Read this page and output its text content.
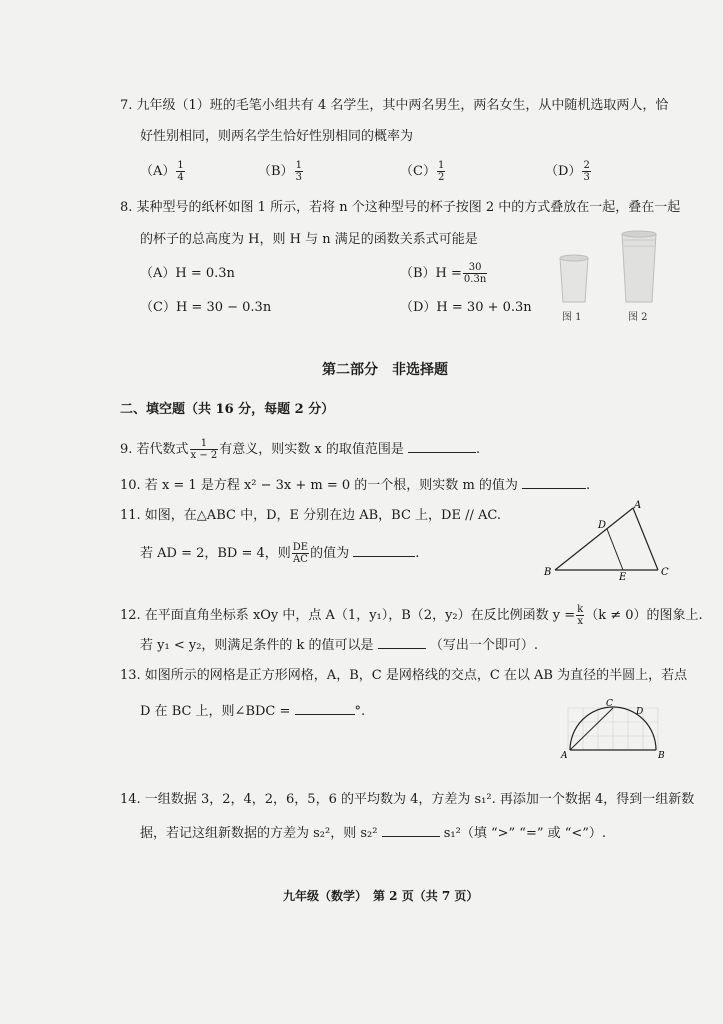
7. 九年级（1）班的毛笔小组共有 4 名学生，其中两名男生，两名女生，从中随机选取两人，恰
好性别相同，则两名学生恰好性别相同的概率为
$(A) \frac{1}{4}$	$(B) \frac{1}{3}$	$(C) \frac{1}{2}$	$(D) \frac{2}{3}$
8. 某种型号的纸杯如图 1 所示，若将 n 个这种型号的杯子按图 2 中的方式叠放在一起，叠在一起
的杯子的总高度为 H，则 H 与 n 满足的函数关系式可能是
（A）H = 0.3n	$(B)H = \frac{30}{0.3n}$
（C）H = 30 − 0.3n	（D）H = 30 + 0.3n
图 1	图 2
第二部分　非选择题
二、填空题（共 16 分，每题 2 分）
9. 若代数式 $\frac{1}{x - 2}$ 有意义，则实数 x 的取值范围是	.
10. 若 x = 1 是方程 x² − 3x + m = 0 的一个根，则实数 m 的值为	.
11. 如图，在△ABC 中，D，E 分别在边 AB，BC 上，DE // AC.
若 AD = 2，BD = 4，则 $\frac{DE}{AC}$ 的值为	.
A
B	C
D
E
12. 在平面直角坐标系 xOy 中，点 A（1，y₁），B（2，y₂）在反比例函数 $y = \frac{k}{x} (k \ne 0)$的图象上.
若 y₁ < y₂，则满足条件的 k 的值可以是	（写出一个即可）.
13. 如图所示的网格是正方形网格，A，B，C 是网格线的交点，C 在以 AB 为直径的半圆上，若点
D 在 BC 上，则∠BDC =	°.
A	B
C
D
14. 一组数据 3，2，4，2，6，5，6 的平均数为 4，方差为 s₁². 再添加一个数据 4，得到一组新数
据，若记这组新数据的方差为 s₂²，则 s₂²	s₁²（填 “>” “=” 或 “<”）.
九年级（数学）　第 2 页（共 7 页）
